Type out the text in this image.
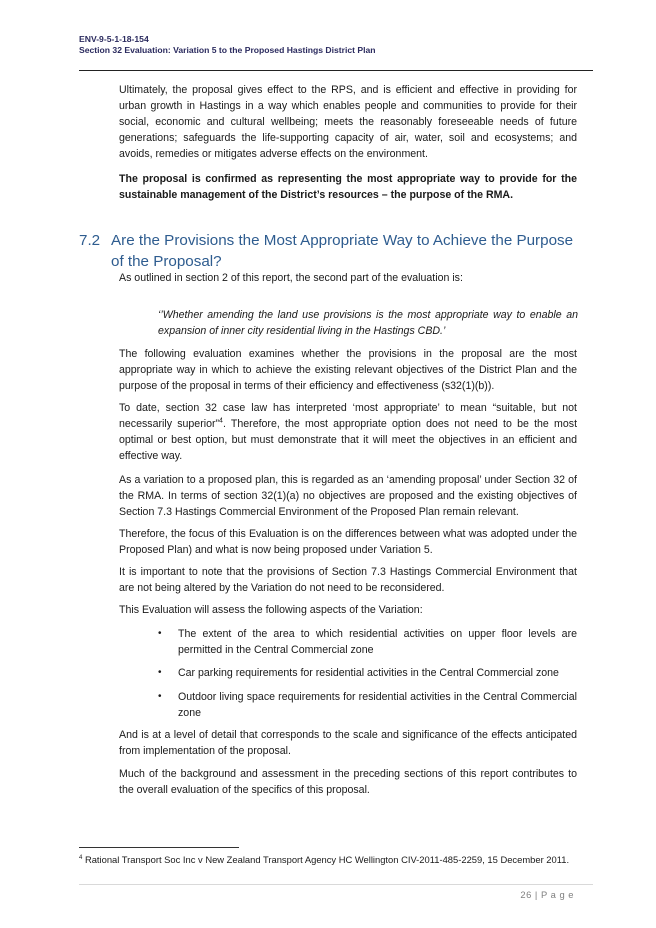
ENV-9-5-1-18-154
Section 32 Evaluation: Variation 5 to the Proposed Hastings District Plan

Ultimately, the proposal gives effect to the RPS, and is efficient and effective in providing for urban growth in Hastings in a way which enables people and communities to provide for their social, economic and cultural wellbeing; meets the reasonably foreseeable needs of future generations; safeguards the life-supporting capacity of air, water, soil and ecosystems; and avoids, remedies or mitigates adverse effects on the environment.

The proposal is confirmed as representing the most appropriate way to provide for the sustainable management of the District’s resources – the purpose of the RMA.

7.2 Are the Provisions the Most Appropriate Way to Achieve the Purpose of the Proposal?

As outlined in section 2 of this report, the second part of the evaluation is:

‘’Whether amending the land use provisions is the most appropriate way to enable an expansion of inner city residential living in the Hastings CBD.’

The following evaluation examines whether the provisions in the proposal are the most appropriate way in which to achieve the existing relevant objectives of the District Plan and the purpose of the proposal in terms of their efficiency and effectiveness (s32(1)(b)).

To date, section 32 case law has interpreted ‘most appropriate’ to mean “suitable, but not necessarily superior”$^4$. Therefore, the most appropriate option does not need to be the most optimal or best option, but must demonstrate that it will meet the objectives in an efficient and effective way.

As a variation to a proposed plan, this is regarded as an ‘amending proposal’ under Section 32 of the RMA. In terms of section 32(1)(a) no objectives are proposed and the existing objectives of Section 7.3 Hastings Commercial Environment of the Proposed Plan remain relevant.

Therefore, the focus of this Evaluation is on the differences between what was adopted under the Proposed Plan) and what is now being proposed under Variation 5.

It is important to note that the provisions of Section 7.3 Hastings Commercial Environment that are not being altered by the Variation do not need to be reconsidered.

This Evaluation will assess the following aspects of the Variation:

•	The extent of the area to which residential activities on upper floor levels are permitted in the Central Commercial zone
•	Car parking requirements for residential activities in the Central Commercial zone
•	Outdoor living space requirements for residential activities in the Central Commercial zone

And is at a level of detail that corresponds to the scale and significance of the effects anticipated from implementation of the proposal.

Much of the background and assessment in the preceding sections of this report contributes to the overall evaluation of the specifics of this proposal.

$^4$ Rational Transport Soc Inc v New Zealand Transport Agency HC Wellington CIV-2011-485-2259, 15 December 2011.
26 | P a g e
